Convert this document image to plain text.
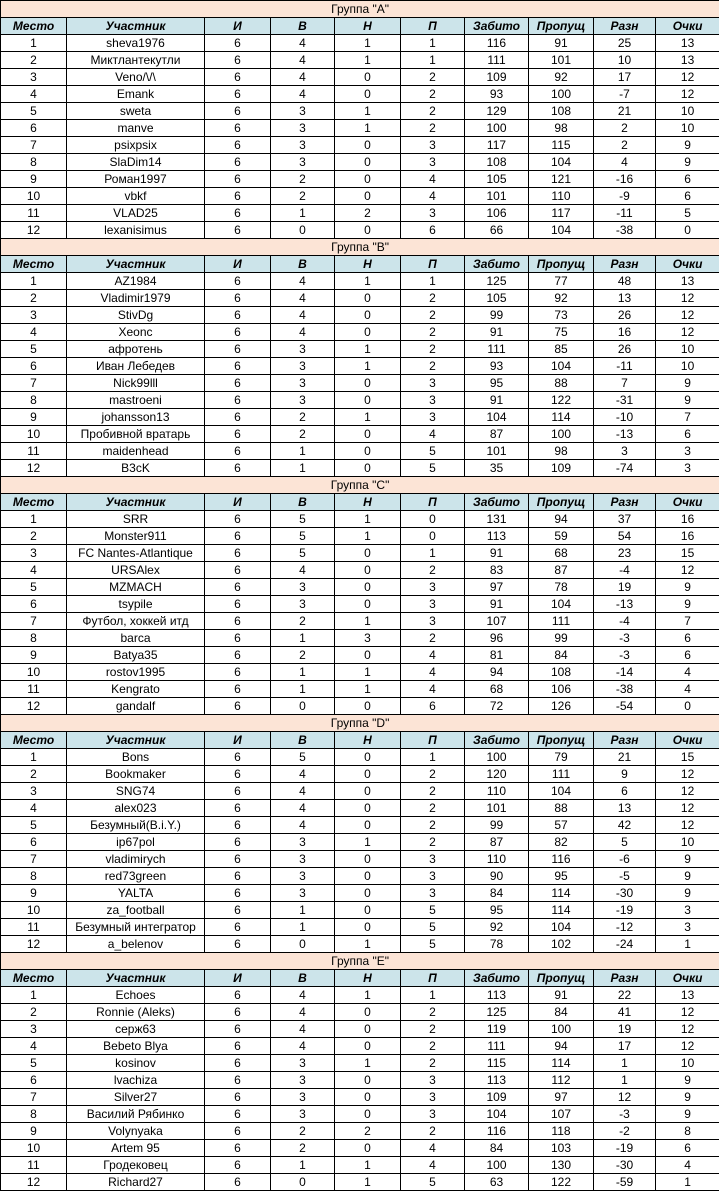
Группа "A"									
Место	Участник	И	В	Н	П	Забито	Пропущ	Разн	Очки
1	sheva1976	6	4	1	1	116	91	25	13
2	Миктлантекутли	6	4	1	1	111	101	10	13
3	Veno/\/\	6	4	0	2	109	92	17	12
4	Emank	6	4	0	2	93	100	-7	12
5	sweta	6	3	1	2	129	108	21	10
6	manve	6	3	1	2	100	98	2	10
7	psixpsix	6	3	0	3	117	115	2	9
8	SlaDim14	6	3	0	3	108	104	4	9
9	Роман1997	6	2	0	4	105	121	-16	6
10	vbkf	6	2	0	4	101	110	-9	6
11	VLAD25	6	1	2	3	106	117	-11	5
12	lexanisimus	6	0	0	6	66	104	-38	0
Группа "B"									
Место	Участник	И	В	Н	П	Забито	Пропущ	Разн	Очки
1	AZ1984	6	4	1	1	125	77	48	13
2	Vladimir1979	6	4	0	2	105	92	13	12
3	StivDg	6	4	0	2	99	73	26	12
4	Xeonc	6	4	0	2	91	75	16	12
5	афротень	6	3	1	2	111	85	26	10
6	Иван Лебедев	6	3	1	2	93	104	-11	10
7	Nick99lll	6	3	0	3	95	88	7	9
8	mastroeni	6	3	0	3	91	122	-31	9
9	johansson13	6	2	1	3	104	114	-10	7
10	Пробивной вратарь	6	2	0	4	87	100	-13	6
11	maidenhead	6	1	0	5	101	98	3	3
12	B3cK	6	1	0	5	35	109	-74	3
Группа "C"									
Место	Участник	И	В	Н	П	Забито	Пропущ	Разн	Очки
1	SRR	6	5	1	0	131	94	37	16
2	Monster911	6	5	1	0	113	59	54	16
3	FC Nantes-Atlantique	6	5	0	1	91	68	23	15
4	URSAlex	6	4	0	2	83	87	-4	12
5	MZMACH	6	3	0	3	97	78	19	9
6	tsypile	6	3	0	3	91	104	-13	9
7	Футбол, хоккей итд	6	2	1	3	107	111	-4	7
8	barca	6	1	3	2	96	99	-3	6
9	Batya35	6	2	0	4	81	84	-3	6
10	rostov1995	6	1	1	4	94	108	-14	4
11	Kengrato	6	1	1	4	68	106	-38	4
12	gandalf	6	0	0	6	72	126	-54	0
Группа "D"									
Место	Участник	И	В	Н	П	Забито	Пропущ	Разн	Очки
1	Bons	6	5	0	1	100	79	21	15
2	Bookmaker	6	4	0	2	120	111	9	12
3	SNG74	6	4	0	2	110	104	6	12
4	alex023	6	4	0	2	101	88	13	12
5	Безумный(B.i.Y.)	6	4	0	2	99	57	42	12
6	ip67pol	6	3	1	2	87	82	5	10
7	vladimirych	6	3	0	3	110	116	-6	9
8	red73green	6	3	0	3	90	95	-5	9
9	YALTA	6	3	0	3	84	114	-30	9
10	za_football	6	1	0	5	95	114	-19	3
11	Безумный интегратор	6	1	0	5	92	104	-12	3
12	a_belenov	6	0	1	5	78	102	-24	1
Группа "E"									
Место	Участник	И	В	Н	П	Забито	Пропущ	Разн	Очки
1	Echoes	6	4	1	1	113	91	22	13
2	Ronnie (Aleks)	6	4	0	2	125	84	41	12
3	серж63	6	4	0	2	119	100	19	12
4	Bebeto Blya	6	4	0	2	111	94	17	12
5	kosinov	6	3	1	2	115	114	1	10
6	lvachiza	6	3	0	3	113	112	1	9
7	Silver27	6	3	0	3	109	97	12	9
8	Василий Рябинко	6	3	0	3	104	107	-3	9
9	Volynyaka	6	2	2	2	116	118	-2	8
10	Artem 95	6	2	0	4	84	103	-19	6
11	Гродековец	6	1	1	4	100	130	-30	4
12	Richard27	6	0	1	5	63	122	-59	1
